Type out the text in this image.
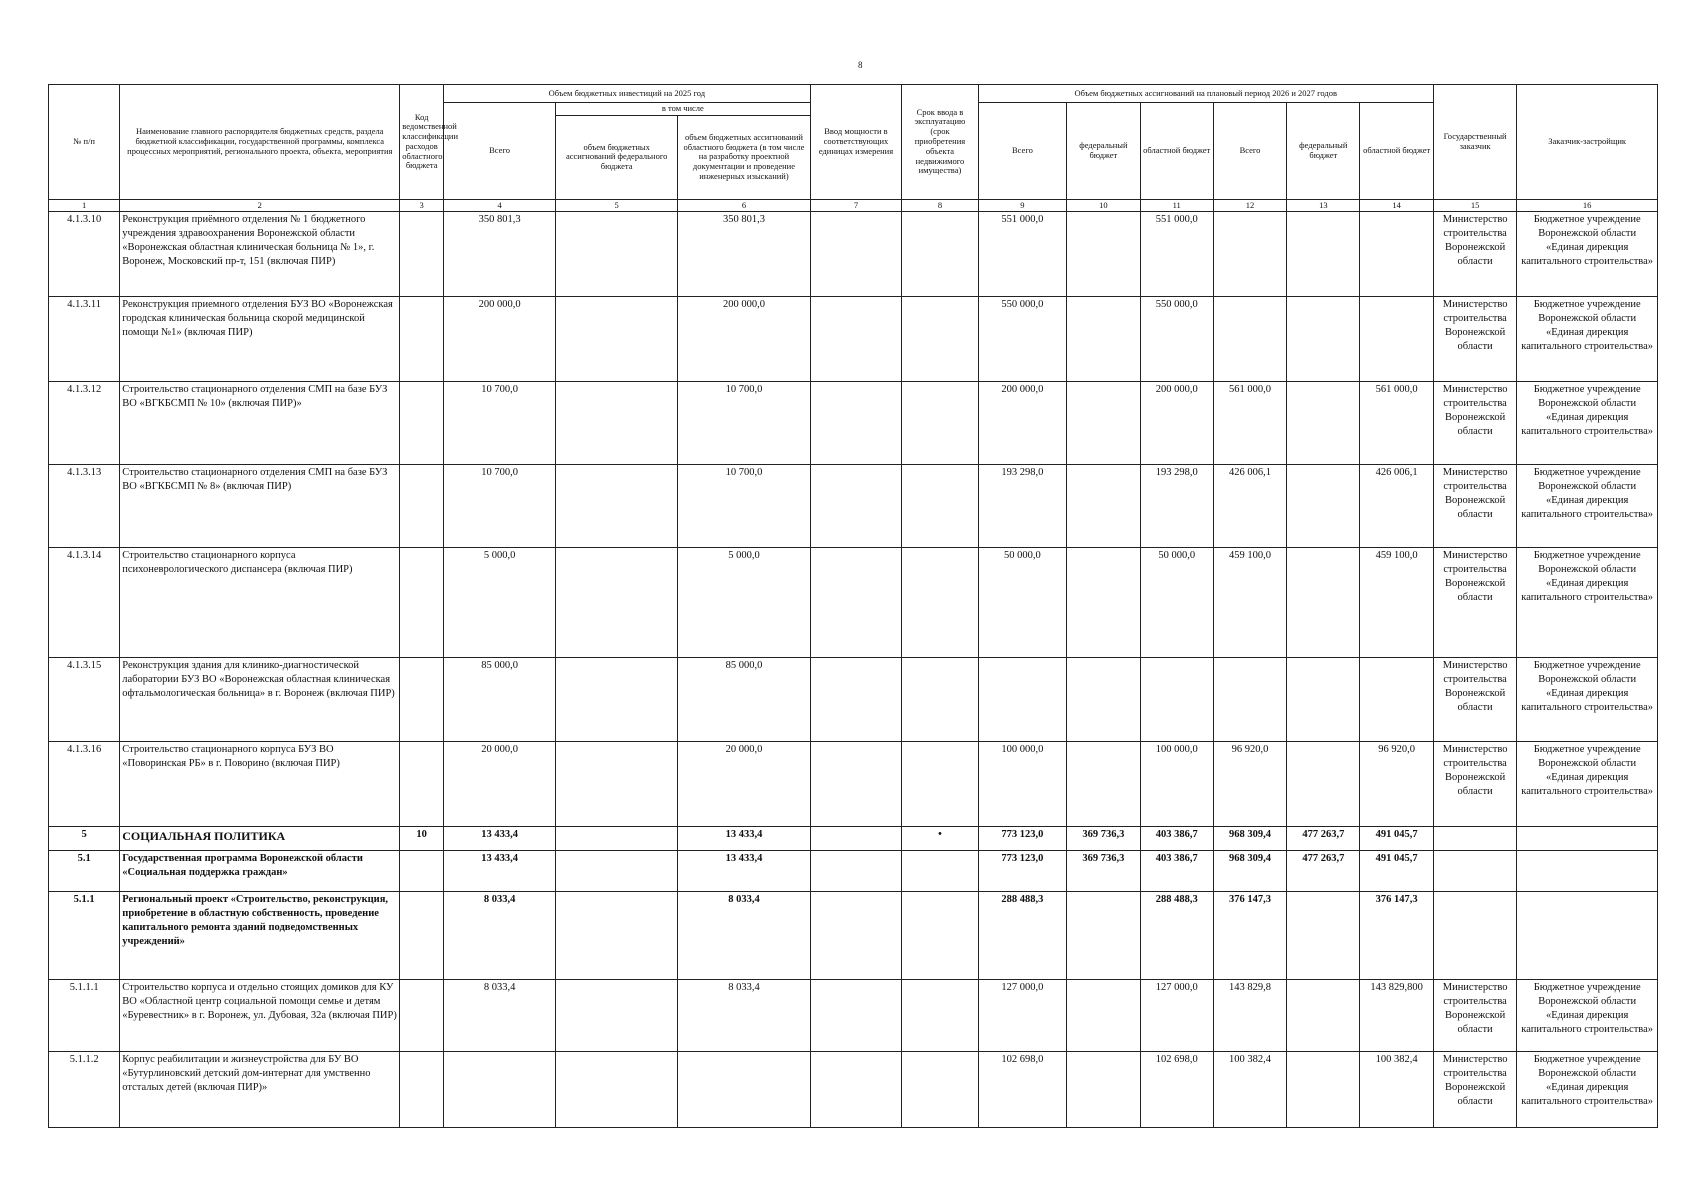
8
№ п/п	Наименование главного распорядителя бюджетных средств, раздела бюджетной классификации, государственной программы, комплекса процессных мероприятий, регионального проекта, объекта, мероприятия	Код ведомственной классификации расходов областного бюджета	Объем бюджетных инвестиций на 2025 год			Ввод мощности в соответствующих единицах измерения	Срок ввода в эксплуатацию (срок приобретения объекта недвижимого имущества)	Объем бюджетных ассигнований на плановый период 2026 и 2027 годов						Государственный заказчик	Заказчик-застройщик
			Всего	в том числе				Всего	федеральный бюджет	областной бюджет	Всего	федеральный бюджет	областной бюджет		
				объем бюджетных ассигнований федерального бюджета	объем бюджетных ассигнований областного бюджета (в том числе на разработку проектной документации и проведение инженерных изысканий)										
1	2	3	4	5	6	7	8	9	10	11	12	13	14	15	16
4.1.3.10	Реконструкция приёмного отделения № 1 бюджетного учреждения здравоохранения Воронежской области «Воронежская областная клиническая больница № 1», г. Воронеж, Московский пр-т, 151 (включая ПИР)		350 801,3		350 801,3			551 000,0		551 000,0				Министерство строительства Воронежской области	Бюджетное учреждение Воронежской области «Единая дирекция капитального строительства»
4.1.3.11	Реконструкция приемного отделения БУЗ ВО «Воронежская городская клиническая больница скорой медицинской помощи №1» (включая ПИР)		200 000,0		200 000,0			550 000,0		550 000,0				Министерство строительства Воронежской области	Бюджетное учреждение Воронежской области «Единая дирекция капитального строительства»
4.1.3.12	Строительство стационарного отделения СМП на базе БУЗ ВО «ВГКБСМП № 10» (включая ПИР)»		10 700,0		10 700,0			200 000,0		200 000,0	561 000,0		561 000,0	Министерство строительства Воронежской области	Бюджетное учреждение Воронежской области «Единая дирекция капитального строительства»
4.1.3.13	Строительство стационарного отделения СМП на базе БУЗ ВО «ВГКБСМП № 8» (включая ПИР)		10 700,0		10 700,0			193 298,0		193 298,0	426 006,1		426 006,1	Министерство строительства Воронежской области	Бюджетное учреждение Воронежской области «Единая дирекция капитального строительства»
4.1.3.14	Строительство стационарного корпуса психоневрологического диспансера (включая ПИР)		5 000,0		5 000,0			50 000,0		50 000,0	459 100,0		459 100,0	Министерство строительства Воронежской области	Бюджетное учреждение Воронежской области «Единая дирекция капитального строительства»
4.1.3.15	Реконструкция здания для клинико-диагностической лаборатории БУЗ ВО «Воронежская областная клиническая офтальмологическая больница» в г. Воронеж (включая ПИР)		85 000,0		85 000,0									Министерство строительства Воронежской области	Бюджетное учреждение Воронежской области «Единая дирекция капитального строительства»
4.1.3.16	Строительство стационарного корпуса БУЗ ВО «Поворинская РБ» в г. Поворино (включая ПИР)		20 000,0		20 000,0			100 000,0		100 000,0	96 920,0		96 920,0	Министерство строительства Воронежской области	Бюджетное учреждение Воронежской области «Единая дирекция капитального строительства»
5	СОЦИАЛЬНАЯ ПОЛИТИКА	10	13 433,4		13 433,4		•	773 123,0	369 736,3	403 386,7	968 309,4	477 263,7	491 045,7		
5.1	Государственная программа Воронежской области «Социальная поддержка граждан»		13 433,4		13 433,4			773 123,0	369 736,3	403 386,7	968 309,4	477 263,7	491 045,7		
5.1.1	Региональный проект «Строительство, реконструкция, приобретение в областную собственность, проведение капитального ремонта зданий подведомственных учреждений»		8 033,4		8 033,4			288 488,3		288 488,3	376 147,3		376 147,3		
5.1.1.1	Строительство корпуса и отдельно стоящих домиков для КУ ВО «Областной центр социальной помощи семье и детям «Буревестник» в г. Воронеж, ул. Дубовая, 32а (включая ПИР)		8 033,4		8 033,4			127 000,0		127 000,0	143 829,8		143 829,800	Министерство строительства Воронежской области	Бюджетное учреждение Воронежской области «Единая дирекция капитального строительства»
5.1.1.2	Корпус реабилитации и жизнеустройства для БУ ВО «Бутурлиновский детский дом-интернат для умственно отсталых детей (включая ПИР)»							102 698,0		102 698,0	100 382,4		100 382,4	Министерство строительства Воронежской области	Бюджетное учреждение Воронежской области «Единая дирекция капитального строительства»
